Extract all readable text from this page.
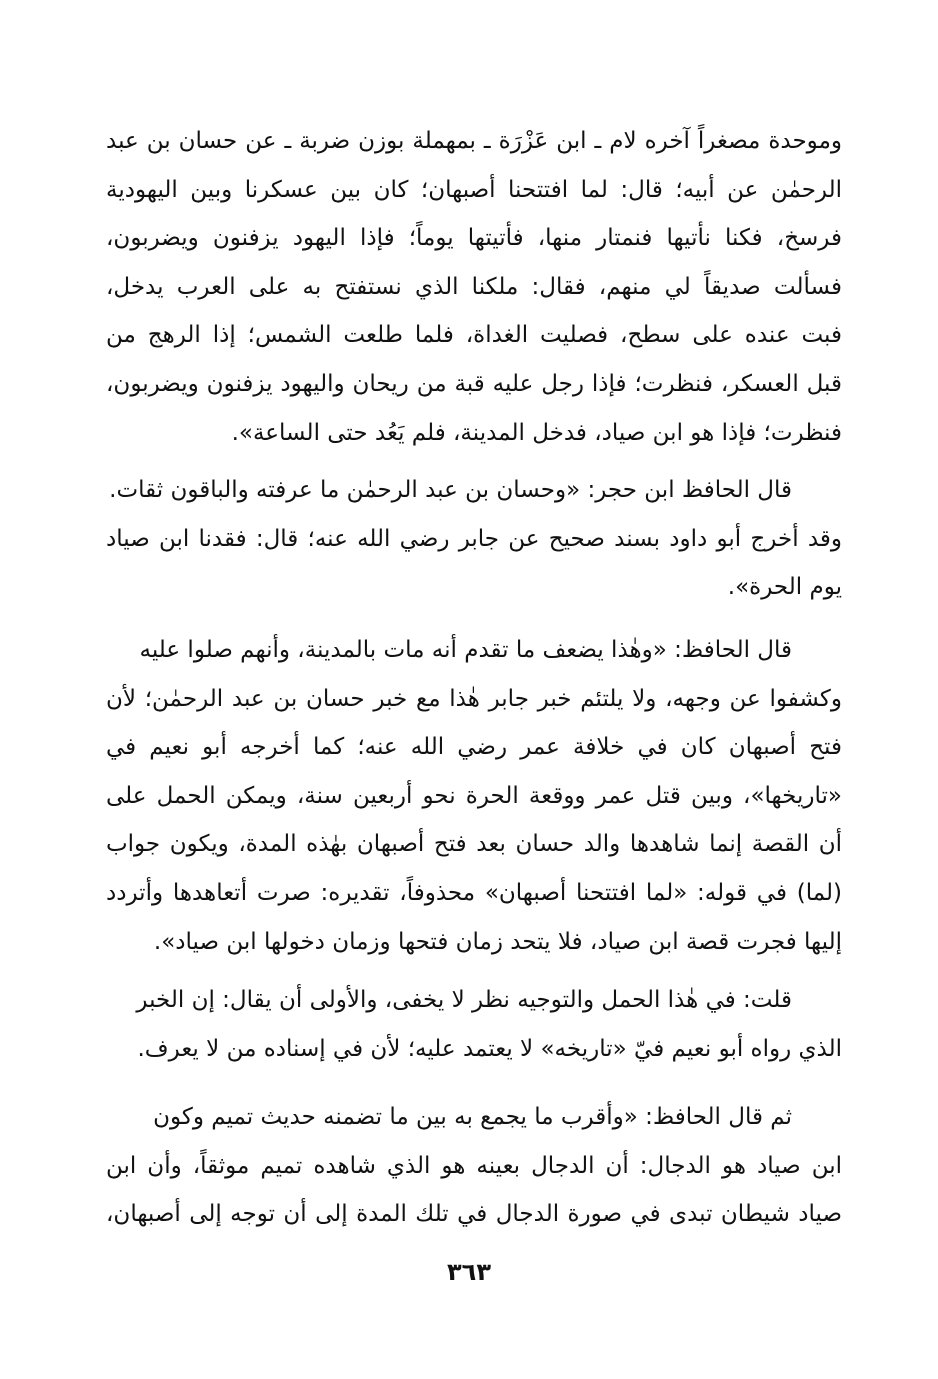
وموحدة مصغراً آخره لام ـ ابن عَزْرَة ـ بمهملة بوزن ضربة ـ عن حسان بن عبد
الرحمٰن عن أبيه؛ قال: لما افتتحنا أصبهان؛ كان بين عسكرنا وبين اليهودية
فرسخ، فكنا نأتيها فنمتار منها، فأتيتها يوماً؛ فإذا اليهود يزفنون ويضربون،
فسألت صديقاً لي منهم، فقال: ملكنا الذي نستفتح به على العرب يدخل،
فبت عنده على سطح، فصليت الغداة، فلما طلعت الشمس؛ إذا الرهج من
قبل العسكر، فنظرت؛ فإذا رجل عليه قبة من ريحان واليهود يزفنون ويضربون،
فنظرت؛ فإذا هو ابن صياد، فدخل المدينة، فلم يَعُد حتى الساعة».
قال الحافظ ابن حجر: «وحسان بن عبد الرحمٰن ما عرفته والباقون ثقات.
وقد أخرج أبو داود بسند صحيح عن جابر رضي الله عنه؛ قال: فقدنا ابن صياد
يوم الحرة».
قال الحافظ: «وهٰذا يضعف ما تقدم أنه مات بالمدينة، وأنهم صلوا عليه
وكشفوا عن وجهه، ولا يلتئم خبر جابر هٰذا مع خبر حسان بن عبد الرحمٰن؛ لأن
فتح أصبهان كان في خلافة عمر رضي الله عنه؛ كما أخرجه أبو نعيم في
«تاريخها»، وبين قتل عمر ووقعة الحرة نحو أربعين سنة، ويمكن الحمل على
أن القصة إنما شاهدها والد حسان بعد فتح أصبهان بهٰذه المدة، ويكون جواب
(لما) في قوله: «لما افتتحنا أصبهان» محذوفاً، تقديره: صرت أتعاهدها وأتردد
إليها فجرت قصة ابن صياد، فلا يتحد زمان فتحها وزمان دخولها ابن صياد».
قلت: في هٰذا الحمل والتوجيه نظر لا يخفى، والأولى أن يقال: إن الخبر
الذي رواه أبو نعيم فيّ «تاريخه» لا يعتمد عليه؛ لأن في إسناده من لا يعرف.
ثم قال الحافظ: «وأقرب ما يجمع به بين ما تضمنه حديث تميم وكون
ابن صياد هو الدجال: أن الدجال بعينه هو الذي شاهده تميم موثقاً، وأن ابن
صياد شيطان تبدى في صورة الدجال في تلك المدة إلى أن توجه إلى أصبهان،
٣٦٣
